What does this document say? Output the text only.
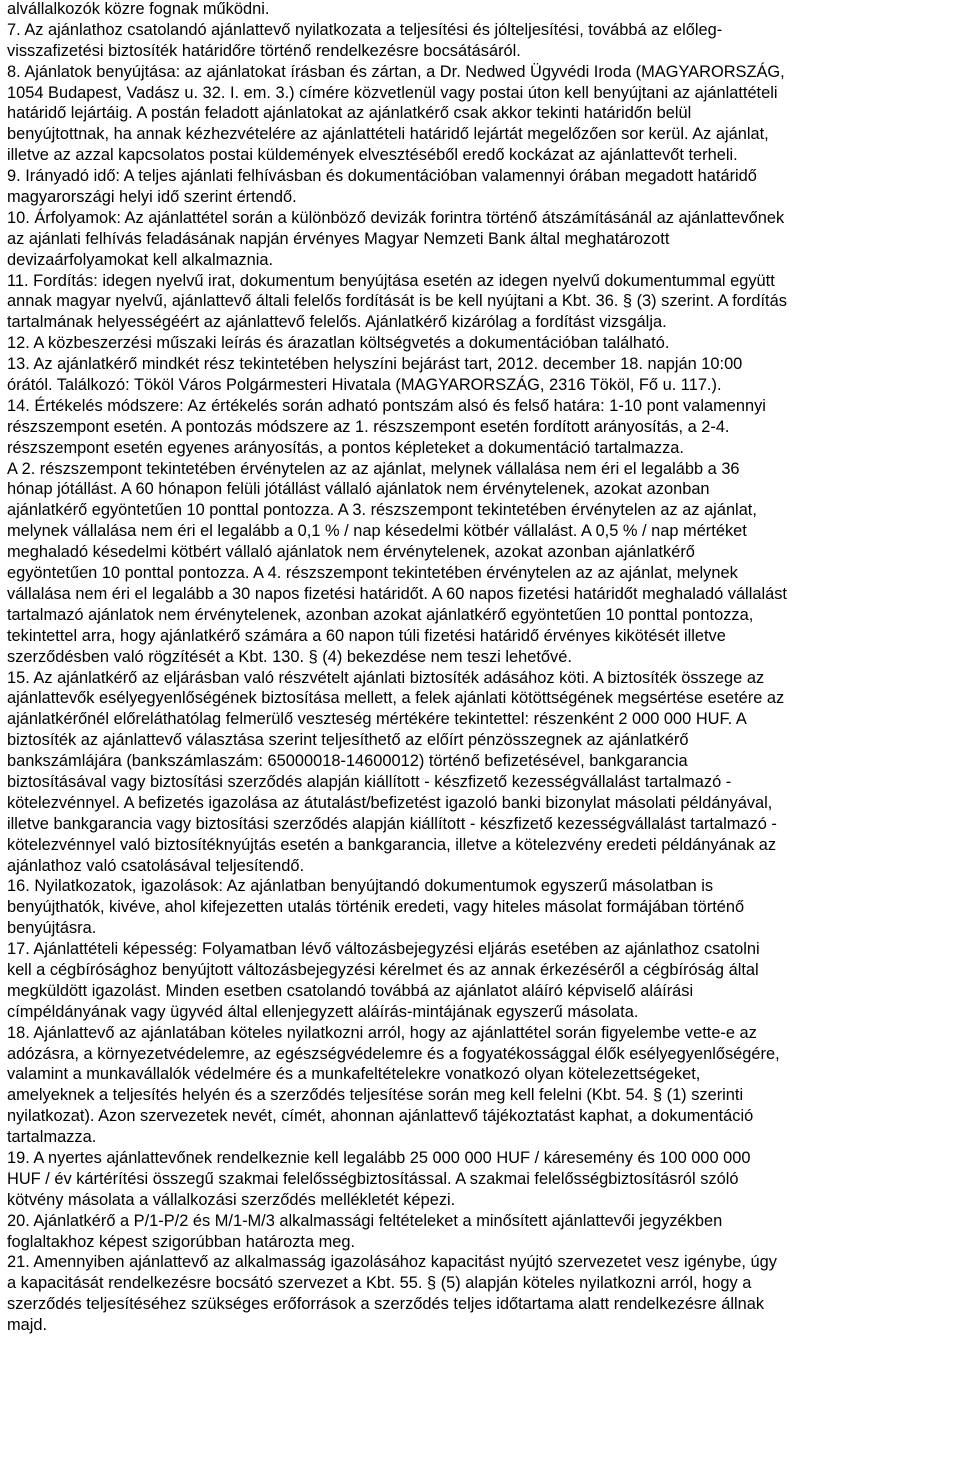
alvállalkozók közre fognak működni.
7. Az ajánlathoz csatolandó ajánlattevő nyilatkozata a teljesítési és jólteljesítési, továbbá az előleg-
visszafizetési biztosíték határidőre történő rendelkezésre bocsátásáról.
8. Ajánlatok benyújtása: az ajánlatokat írásban és zártan, a Dr. Nedwed Ügyvédi Iroda (MAGYARORSZÁG,
1054 Budapest, Vadász u. 32. I. em. 3.) címére közvetlenül vagy postai úton kell benyújtani az ajánlattételi
határidő lejártáig. A postán feladott ajánlatokat az ajánlatkérő csak akkor tekinti határidőn belül
benyújtottnak, ha annak kézhezvételére az ajánlattételi határidő lejártát megelőzően sor kerül. Az ajánlat,
illetve az azzal kapcsolatos postai küldemények elvesztéséből eredő kockázat az ajánlattevőt terheli.
9. Irányadó idő: A teljes ajánlati felhívásban és dokumentációban valamennyi órában megadott határidő
magyarországi helyi idő szerint értendő.
10. Árfolyamok: Az ajánlattétel során a különböző devizák forintra történő átszámításánál az ajánlattevőnek
az ajánlati felhívás feladásának napján érvényes Magyar Nemzeti Bank által meghatározott
devizaárfolyamokat kell alkalmaznia.
11. Fordítás: idegen nyelvű irat, dokumentum benyújtása esetén az idegen nyelvű dokumentummal együtt
annak magyar nyelvű, ajánlattevő általi felelős fordítását is be kell nyújtani a Kbt. 36. § (3) szerint. A fordítás
tartalmának helyességéért az ajánlattevő felelős. Ajánlatkérő kizárólag a fordítást vizsgálja.
12. A közbeszerzési műszaki leírás és árazatlan költségvetés a dokumentációban található.
13. Az ajánlatkérő mindkét rész tekintetében helyszíni bejárást tart, 2012. december 18. napján 10:00
órától. Találkozó: Tököl Város Polgármesteri Hivatala (MAGYARORSZÁG, 2316 Tököl, Fő u. 117.).
14. Értékelés módszere: Az értékelés során adható pontszám alsó és felső határa: 1-10 pont valamennyi
részszempont esetén. A pontozás módszere az 1. részszempont esetén fordított arányosítás, a 2-4.
részszempont esetén egyenes arányosítás, a pontos képleteket a dokumentáció tartalmazza.
A 2. részszempont tekintetében érvénytelen az az ajánlat, melynek vállalása nem éri el legalább a 36
hónap jótállást. A 60 hónapon felüli jótállást vállaló ajánlatok nem érvénytelenek, azokat azonban
ajánlatkérő egyöntetűen 10 ponttal pontozza. A 3. részszempont tekintetében érvénytelen az az ajánlat,
melynek vállalása nem éri el legalább a 0,1 % / nap késedelmi kötbér vállalást. A 0,5 % / nap mértéket
meghaladó késedelmi kötbért vállaló ajánlatok nem érvénytelenek, azokat azonban ajánlatkérő
egyöntetűen 10 ponttal pontozza. A 4. részszempont tekintetében érvénytelen az az ajánlat, melynek
vállalása nem éri el legalább a 30 napos fizetési határidőt. A 60 napos fizetési határidőt meghaladó vállalást
tartalmazó ajánlatok nem érvénytelenek, azonban azokat ajánlatkérő egyöntetűen 10 ponttal pontozza,
tekintettel arra, hogy ajánlatkérő számára a 60 napon túli fizetési határidő érvényes kikötését illetve
szerződésben való rögzítését a Kbt. 130. § (4) bekezdése nem teszi lehetővé.
15. Az ajánlatkérő az eljárásban való részvételt ajánlati biztosíték adásához köti. A biztosíték összege az
ajánlattevők esélyegyenlőségének biztosítása mellett, a felek ajánlati kötöttségének megsértése esetére az
ajánlatkérőnél előreláthatólag felmerülő veszteség mértékére tekintettel: részenként 2 000 000 HUF. A
biztosíték az ajánlattevő választása szerint teljesíthető az előírt pénzösszegnek az ajánlatkérő
bankszámlájára (bankszámlaszám: 65000018-14600012) történő befizetésével, bankgarancia
biztosításával vagy biztosítási szerződés alapján kiállított - készfizető kezességvállalást tartalmazó -
kötelezvénnyel. A befizetés igazolása az átutalást/befizetést igazoló banki bizonylat másolati példányával,
illetve bankgarancia vagy biztosítási szerződés alapján kiállított - készfizető kezességvállalást tartalmazó -
kötelezvénnyel való biztosítéknyújtás esetén a bankgarancia, illetve a kötelezvény eredeti példányának az
ajánlathoz való csatolásával teljesítendő.
16. Nyilatkozatok, igazolások: Az ajánlatban benyújtandó dokumentumok egyszerű másolatban is
benyújthatók, kivéve, ahol kifejezetten utalás történik eredeti, vagy hiteles másolat formájában történő
benyújtásra.
17. Ajánlattételi képesség: Folyamatban lévő változásbejegyzési eljárás esetében az ajánlathoz csatolni
kell a cégbírósághoz benyújtott változásbejegyzési kérelmet és az annak érkezéséről a cégbíróság által
megküldött igazolást. Minden esetben csatolandó továbbá az ajánlatot aláíró képviselő aláírási
címpéldányának vagy ügyvéd által ellenjegyzett aláírás-mintájának egyszerű másolata.
18. Ajánlattevő az ajánlatában köteles nyilatkozni arról, hogy az ajánlattétel során figyelembe vette-e az
adózásra, a környezetvédelemre, az egészségvédelemre és a fogyatékossággal élők esélyegyenlőségére,
valamint a munkavállalók védelmére és a munkafeltételekre vonatkozó olyan kötelezettségeket,
amelyeknek a teljesítés helyén és a szerződés teljesítése során meg kell felelni (Kbt. 54. § (1) szerinti
nyilatkozat). Azon szervezetek nevét, címét, ahonnan ajánlattevő tájékoztatást kaphat, a dokumentáció
tartalmazza.
19. A nyertes ajánlattevőnek rendelkeznie kell legalább 25 000 000 HUF / káresemény és 100 000 000
HUF / év kártérítési összegű szakmai felelősségbiztosítással. A szakmai felelősségbiztosításról szóló
kötvény másolata a vállalkozási szerződés mellékletét képezi.
20. Ajánlatkérő a P/1-P/2 és M/1-M/3 alkalmassági feltételeket a minősített ajánlattevői jegyzékben
foglaltakhoz képest szigorúbban határozta meg.
21. Amennyiben ajánlattevő az alkalmasság igazolásához kapacitást nyújtó szervezetet vesz igénybe, úgy
a kapacitását rendelkezésre bocsátó szervezet a Kbt. 55. § (5) alapján köteles nyilatkozni arról, hogy a
szerződés teljesítéséhez szükséges erőforrások a szerződés teljes időtartama alatt rendelkezésre állnak
majd.
